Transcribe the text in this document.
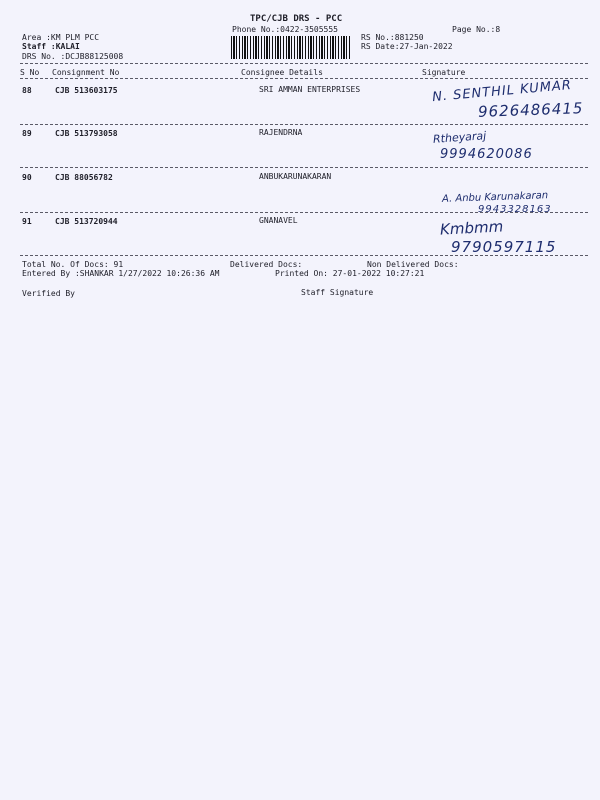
TPC/CJB DRS - PCC
Phone No.:0422-3505555	Page No.:8
Area :KM PLM PCC
Staff :KALAI
DRS No. :DCJB88125008
RS No.:881250
RS Date:27-Jan-2022
S No Consignment No	Consignee Details	Signature
88	CJB 513603175	SRI AMMAN ENTERPRISES	N. SENTHIL KUMAR
9626486415
89	CJB 513793058	RAJENDRNA	Rtheyaraj
9994620086
90	CJB 88056782	ANBUKARUNAKARAN
A. Anbu Karunakaran
9943328163
91	CJB 513720944	GNANAVEL	Kmbmm
9790597115
Total No. Of Docs: 91	Delivered Docs:	Non Delivered Docs:
Entered By :SHANKAR 1/27/2022 10:26:36 AM	Printed On: 27-01-2022 10:27:21
Verified By	Staff Signature
